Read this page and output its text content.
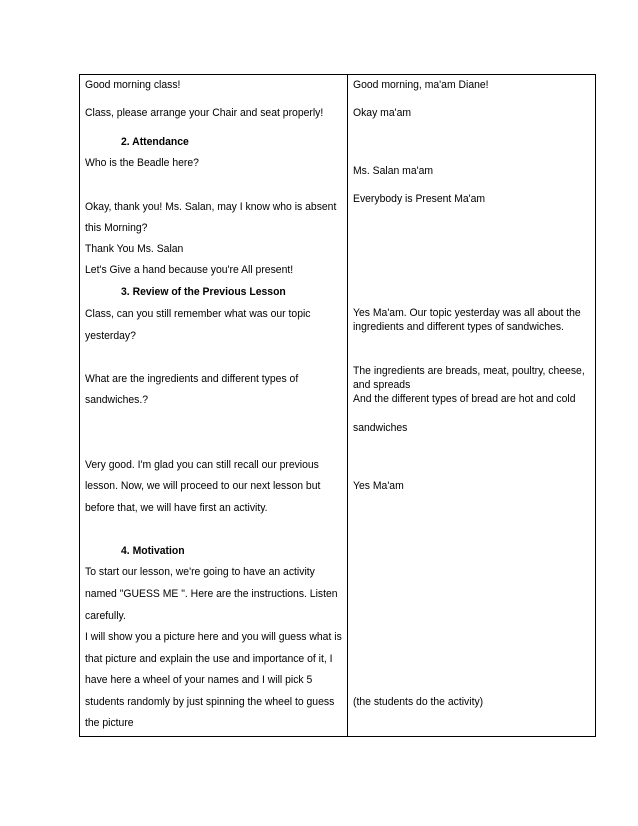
Good morning class!
Class, please arrange your Chair and seat properly!
2. Attendance
Who is the Beadle here?
Okay, thank you! Ms. Salan, may I know who is absent
this Morning?
Thank You Ms. Salan
Let's Give a hand because you're All present!
3. Review of the Previous Lesson
Class, can you still remember what was our topic
yesterday?
What are the ingredients and different types of
sandwiches.?
Very good. I'm glad you can still recall our previous
lesson. Now, we will proceed to our next lesson but
before that, we will have first an activity.
4. Motivation
To start our lesson, we're going to have an activity
named "GUESS ME ". Here are the instructions. Listen
carefully.
I will show you a picture here and you will guess what is
that picture and explain the use and importance of it, I
have here a wheel of your names and I will pick 5
students randomly by just spinning the wheel to guess
the picture
Good morning, ma'am Diane!
Okay ma'am
Ms. Salan ma'am
Everybody is Present Ma'am
Yes Ma'am. Our topic yesterday was all about the
ingredients and different types of sandwiches.
The ingredients are breads, meat, poultry, cheese,
and spreads
And the different types of bread are hot and cold
sandwiches
Yes Ma'am
(the students do the activity)
